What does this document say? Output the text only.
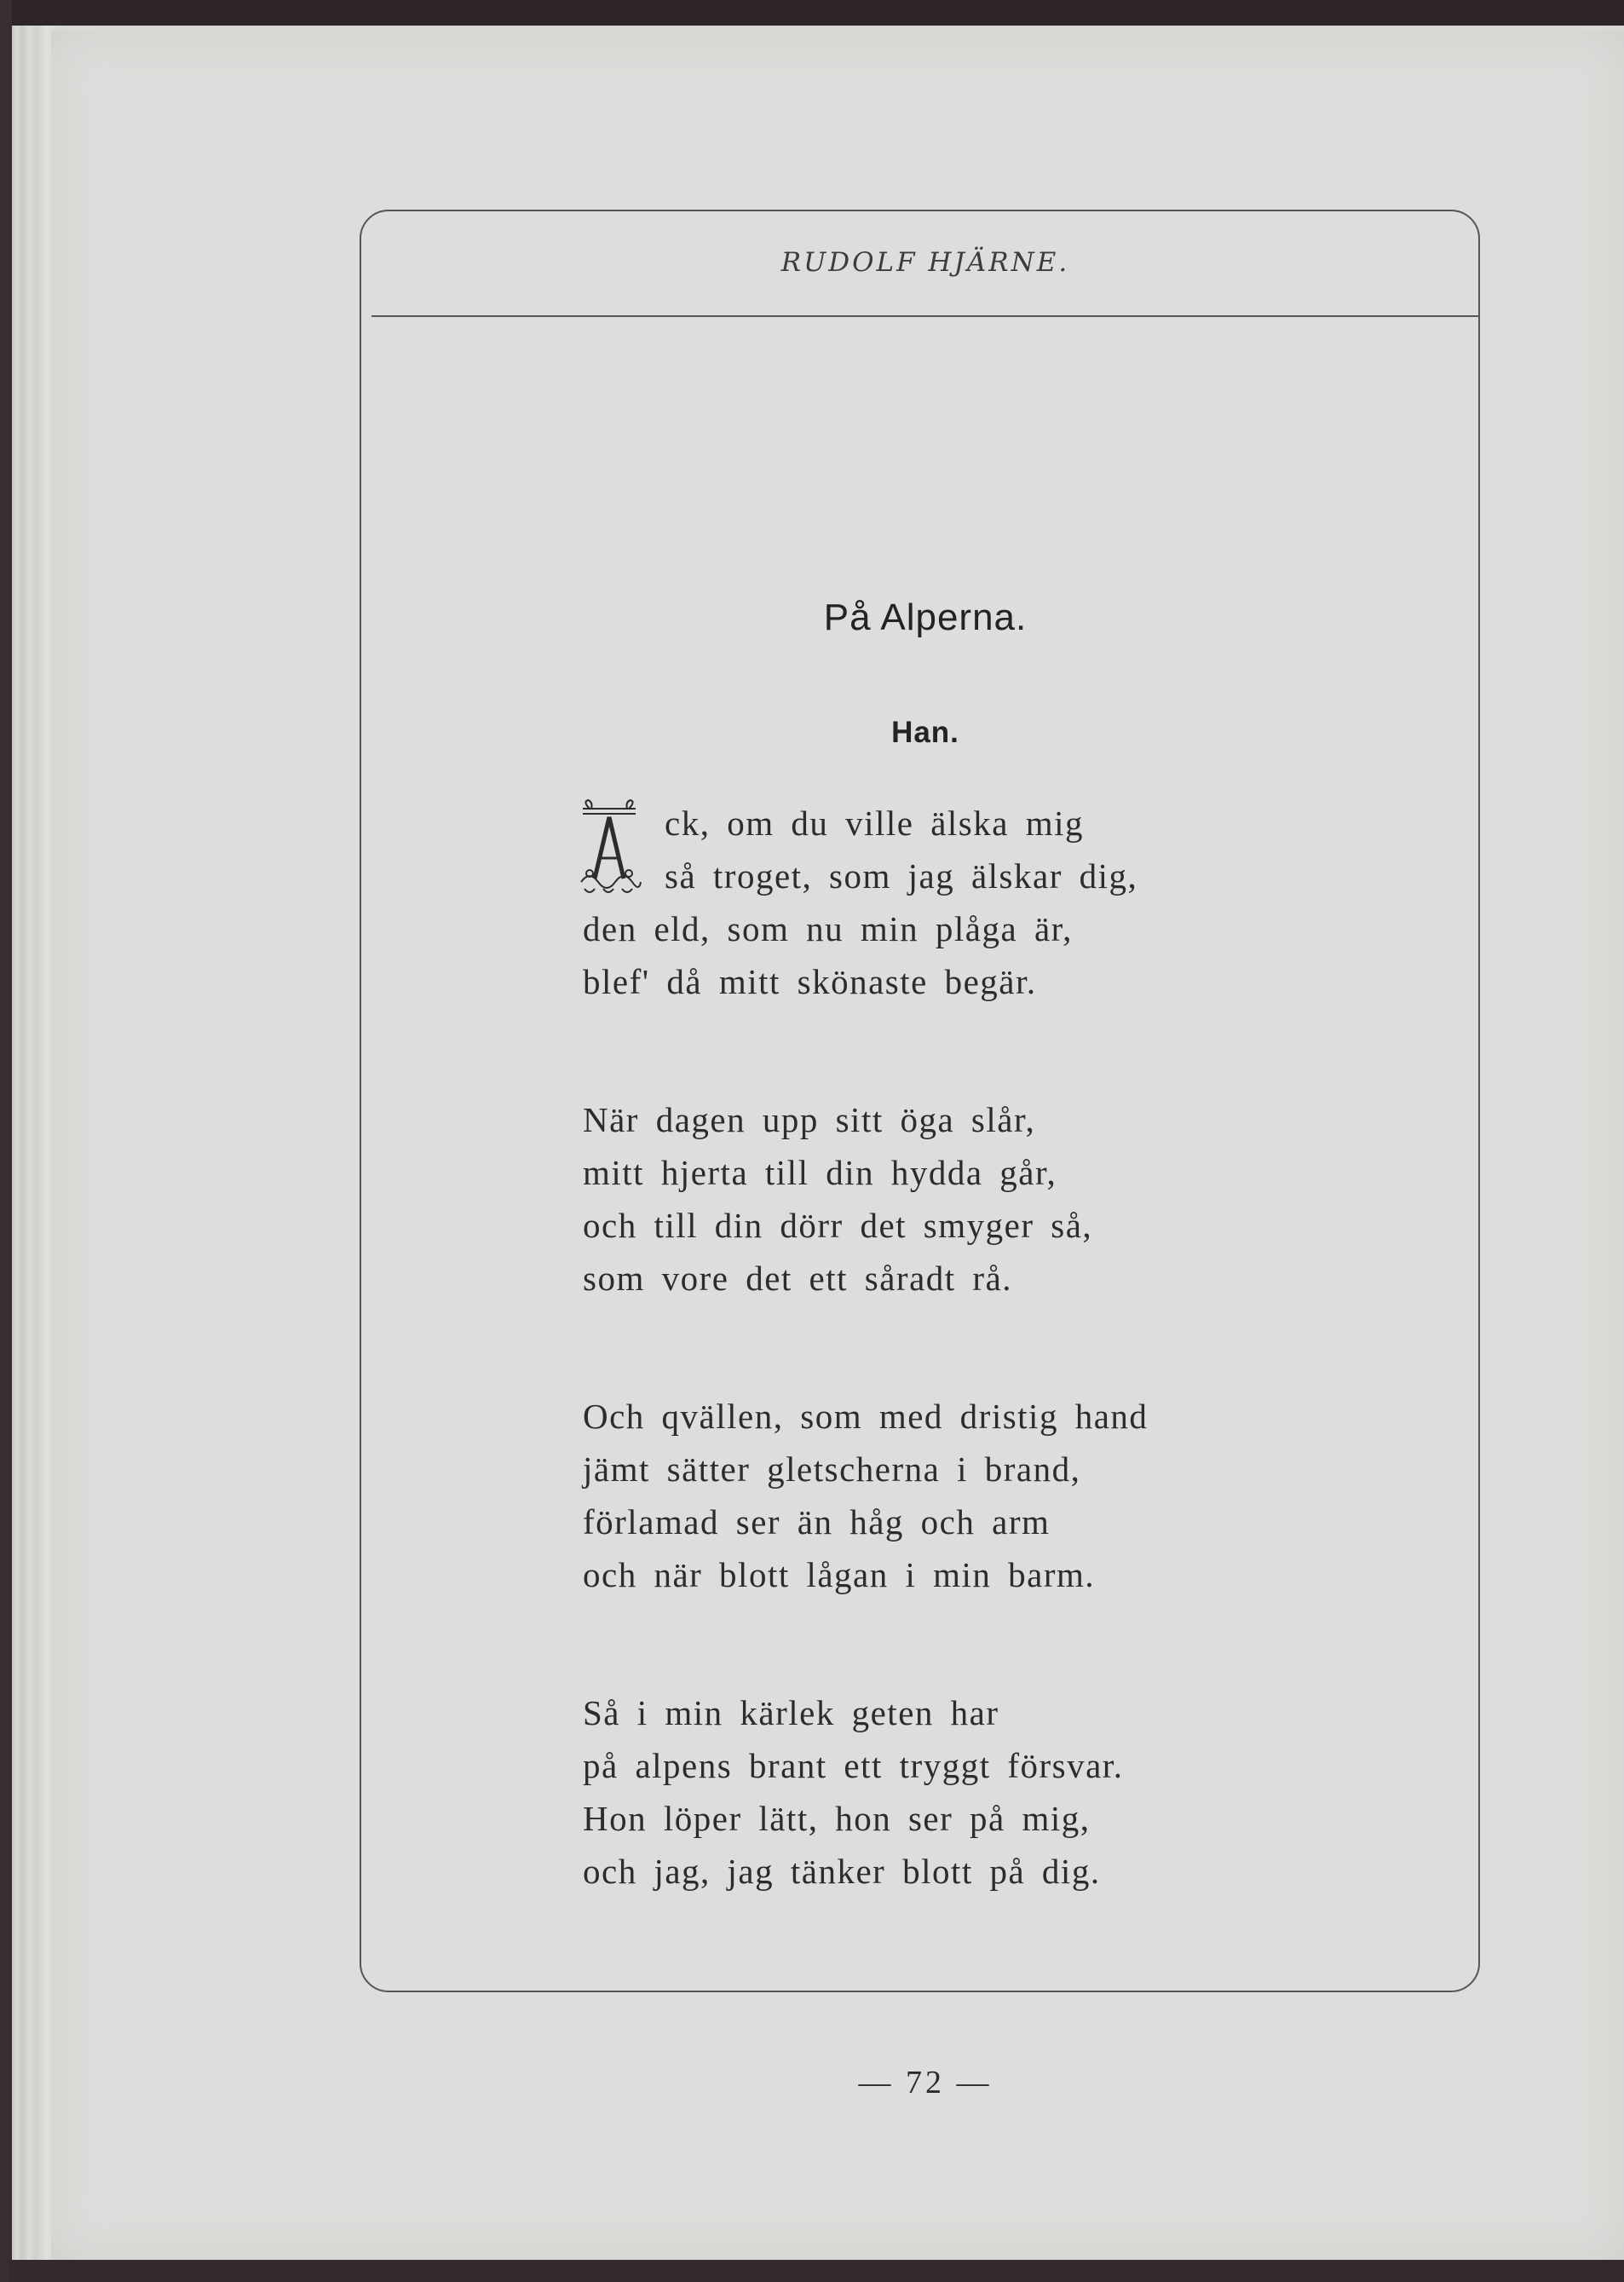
RUDOLF HJÄRNE.
På Alperna.
Han.
A
ck, om du ville älska mig
så troget, som jag älskar dig,
den eld, som nu min plåga är,
blef' då mitt skönaste begär.
När dagen upp sitt öga slår,
mitt hjerta till din hydda går,
och till din dörr det smyger så,
som vore det ett såradt rå.
Och qvällen, som med dristig hand
jämt sätter gletscherna i brand,
förlamad ser än håg och arm
och när blott lågan i min barm.
Så i min kärlek geten har
på alpens brant ett tryggt försvar.
Hon löper lätt, hon ser på mig,
och jag, jag tänker blott på dig.
— 72 —
